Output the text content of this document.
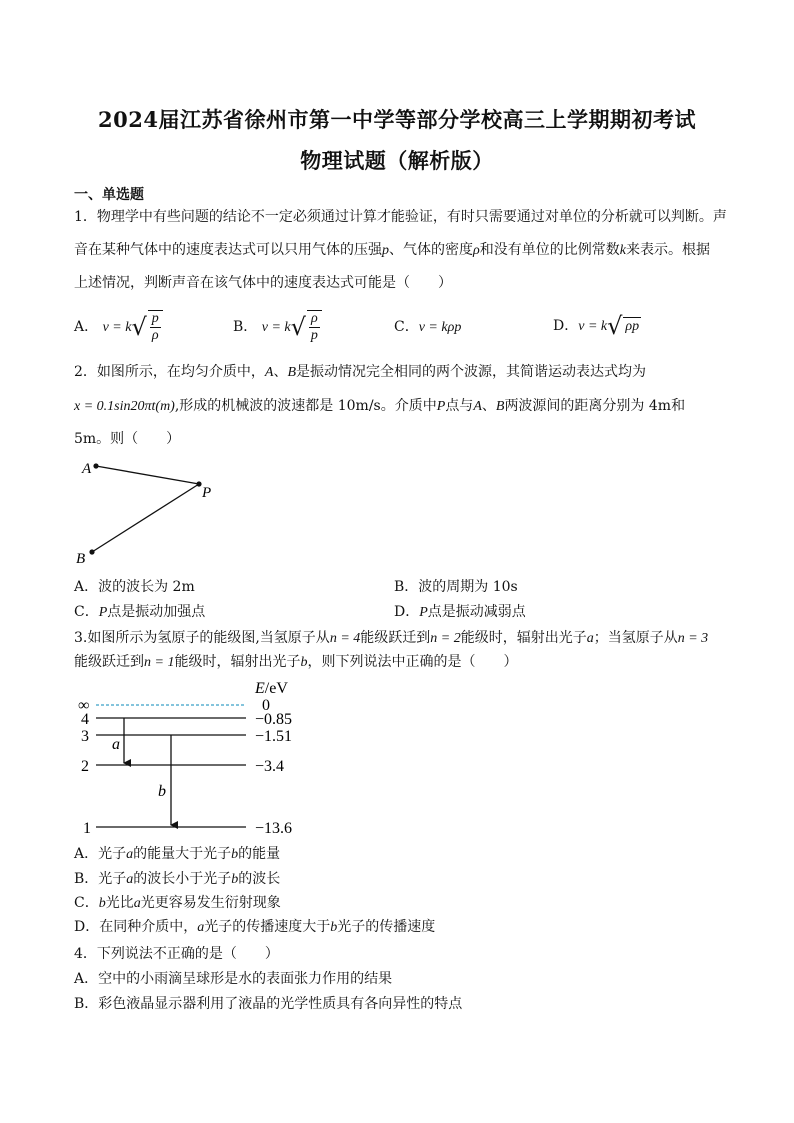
2024届江苏省徐州市第一中学等部分学校高三上学期期初考试
物理试题（解析版）
一、单选题
1．物理学中有些问题的结论不一定必须通过计算才能验证，有时只需要通过对单位的分析就可以判断。声
音在某种气体中的速度表达式可以只用气体的压强p、气体的密度ρ和没有单位的比例常数k来表示。根据
上述情况，判断声音在该气体中的速度表达式可能是（　　）
A． $v = k√ \frac{p}{\rho}$	B． $v = k√ \frac{\rho}{p}$	C．v = kρp	D．v = k√ ρp
2．如图所示，在均匀介质中，A、B是振动情况完全相同的两个波源，其简谐运动表达式均为
x = 0.1sin20πt(m),形成的机械波的波速都是 10m/s。介质中P点与A、B两波源间的距离分别为 4m和
5m。则（　　）
A
P
B
A．波的波长为 2m	B．波的周期为 10s
C．P点是振动加强点	D．P点是振动减弱点
3.如图所示为氢原子的能级图,当氢原子从n = 4能级跃迁到n = 2能级时，辐射出光子a；当氢原子从n = 3
能级跃迁到n = 1能级时，辐射出光子b，则下列说法中正确的是（　　）
E/eV
∞
4
3
2
1
0
−0.85
−1.51
−3.4
−13.6
a
b
A．光子a的能量大于光子b的能量
B．光子a的波长小于光子b的波长
C．b光比a光更容易发生衍射现象
D．在同种介质中，a光子的传播速度大于b光子的传播速度
4．下列说法不正确的是（　　）
A．空中的小雨滴呈球形是水的表面张力作用的结果
B．彩色液晶显示器利用了液晶的光学性质具有各向异性的特点
